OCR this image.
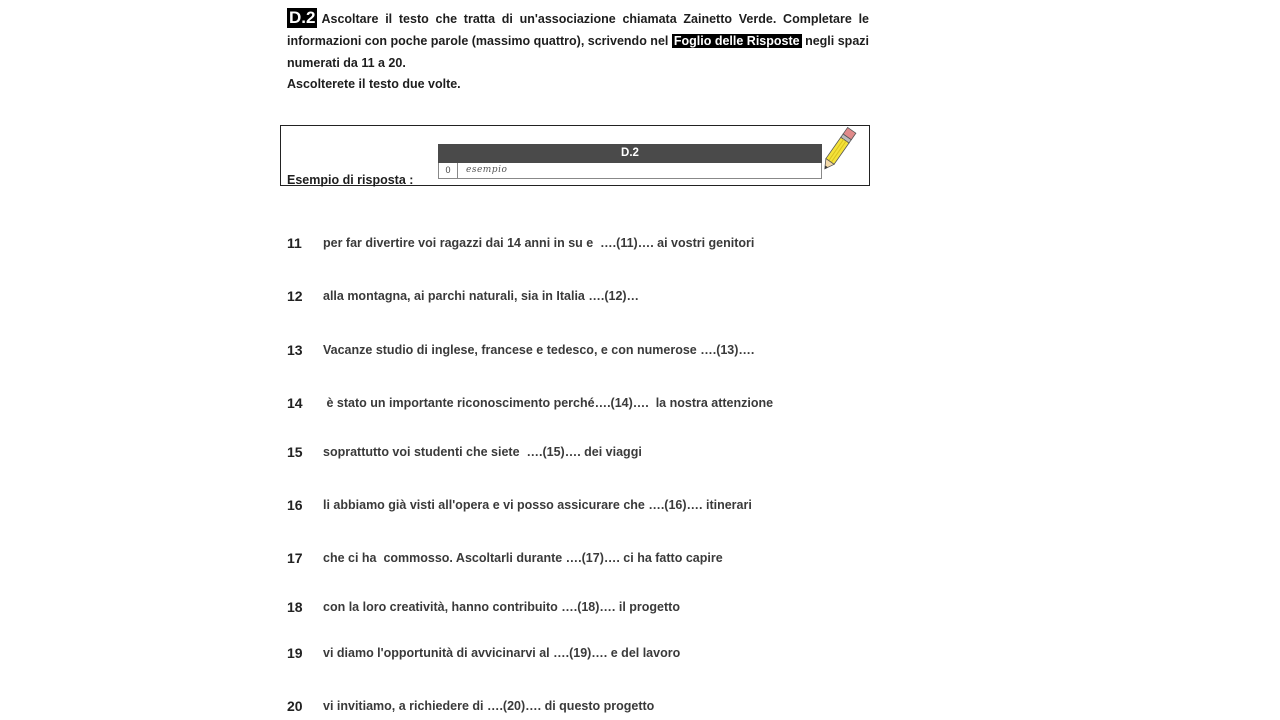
D.2 Ascoltare il testo che tratta di un'associazione chiamata Zainetto Verde. Completare le informazioni con poche parole (massimo quattro), scrivendo nel Foglio delle Risposte negli spazi numerati da 11 a 20.

Ascolterete il testo due volte.

Esempio di risposta :
D.2
0	esempio
11	per far divertire voi ragazzi dai 14 anni in su e  ….(11)…. ai vostri genitori
12	alla montagna, ai parchi naturali, sia in Italia ….(12)…
13	Vacanze studio di inglese, francese e tedesco, e con numerose ….(13)….
14	è stato un importante riconoscimento perché….(14)….  la nostra attenzione
15	soprattutto voi studenti che siete  ….(15)…. dei viaggi
16	li abbiamo già visti all'opera e vi posso assicurare che ….(16)…. itinerari
17	che ci ha  commosso. Ascoltarli durante ….(17)…. ci ha fatto capire
18	con la loro creatività, hanno contribuito ….(18)…. il progetto
19	vi diamo l'opportunità di avvicinarvi al ….(19)…. e del lavoro
20	vi invitiamo, a richiedere di ….(20)…. di questo progetto
